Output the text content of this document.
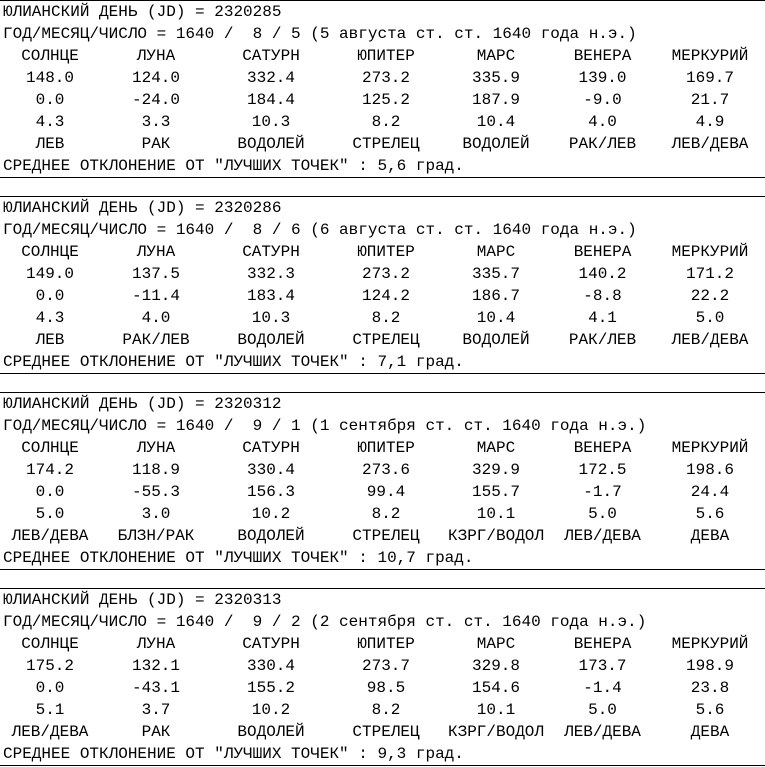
ЮЛИАНСКИЙ ДЕНЬ (JD) = 2320285
ГОД/МЕСЯЦ/ЧИСЛО = 1640 /  8 / 5 (5 августа ст. ст. 1640 года н.э.)
СОЛНЦЕ	ЛУНА	САТУРН	ЮПИТЕР	МАРС	ВЕНЕРА	МЕРКУРИЙ
148.0	124.0	332.4	273.2	335.9	139.0	169.7
0.0	-24.0	184.4	125.2	187.9	-9.0	21.7
4.3	3.3	10.3	8.2	10.4	4.0	4.9
ЛЕВ	РАК	ВОДОЛЕЙ	СТРЕЛЕЦ	ВОДОЛЕЙ	РАК/ЛЕВ	ЛЕВ/ДЕВА
СРЕДНЕЕ ОТКЛОНЕНИЕ ОТ "ЛУЧШИХ ТОЧЕК" : 5,6 град.
ЮЛИАНСКИЙ ДЕНЬ (JD) = 2320286
ГОД/МЕСЯЦ/ЧИСЛО = 1640 /  8 / 6 (6 августа ст. ст. 1640 года н.э.)
СОЛНЦЕ	ЛУНА	САТУРН	ЮПИТЕР	МАРС	ВЕНЕРА	МЕРКУРИЙ
149.0	137.5	332.3	273.2	335.7	140.2	171.2
0.0	-11.4	183.4	124.2	186.7	-8.8	22.2
4.3	4.0	10.3	8.2	10.4	4.1	5.0
ЛЕВ	РАК/ЛЕВ	ВОДОЛЕЙ	СТРЕЛЕЦ	ВОДОЛЕЙ	РАК/ЛЕВ	ЛЕВ/ДЕВА
СРЕДНЕЕ ОТКЛОНЕНИЕ ОТ "ЛУЧШИХ ТОЧЕК" : 7,1 град.
ЮЛИАНСКИЙ ДЕНЬ (JD) = 2320312
ГОД/МЕСЯЦ/ЧИСЛО = 1640 /  9 / 1 (1 сентября ст. ст. 1640 года н.э.)
СОЛНЦЕ	ЛУНА	САТУРН	ЮПИТЕР	МАРС	ВЕНЕРА	МЕРКУРИЙ
174.2	118.9	330.4	273.6	329.9	172.5	198.6
0.0	-55.3	156.3	99.4	155.7	-1.7	24.4
5.0	3.0	10.2	8.2	10.1	5.0	5.6
ЛЕВ/ДЕВА	БЛЗН/РАК	ВОДОЛЕЙ	СТРЕЛЕЦ	КЗРГ/ВОДОЛ	ЛЕВ/ДЕВА	ДЕВА
СРЕДНЕЕ ОТКЛОНЕНИЕ ОТ "ЛУЧШИХ ТОЧЕК" : 10,7 град.
ЮЛИАНСКИЙ ДЕНЬ (JD) = 2320313
ГОД/МЕСЯЦ/ЧИСЛО = 1640 /  9 / 2 (2 сентября ст. ст. 1640 года н.э.)
СОЛНЦЕ	ЛУНА	САТУРН	ЮПИТЕР	МАРС	ВЕНЕРА	МЕРКУРИЙ
175.2	132.1	330.4	273.7	329.8	173.7	198.9
0.0	-43.1	155.2	98.5	154.6	-1.4	23.8
5.1	3.7	10.2	8.2	10.1	5.0	5.6
ЛЕВ/ДЕВА	РАК	ВОДОЛЕЙ	СТРЕЛЕЦ	КЗРГ/ВОДОЛ	ЛЕВ/ДЕВА	ДЕВА
СРЕДНЕЕ ОТКЛОНЕНИЕ ОТ "ЛУЧШИХ ТОЧЕК" : 9,3 град.
